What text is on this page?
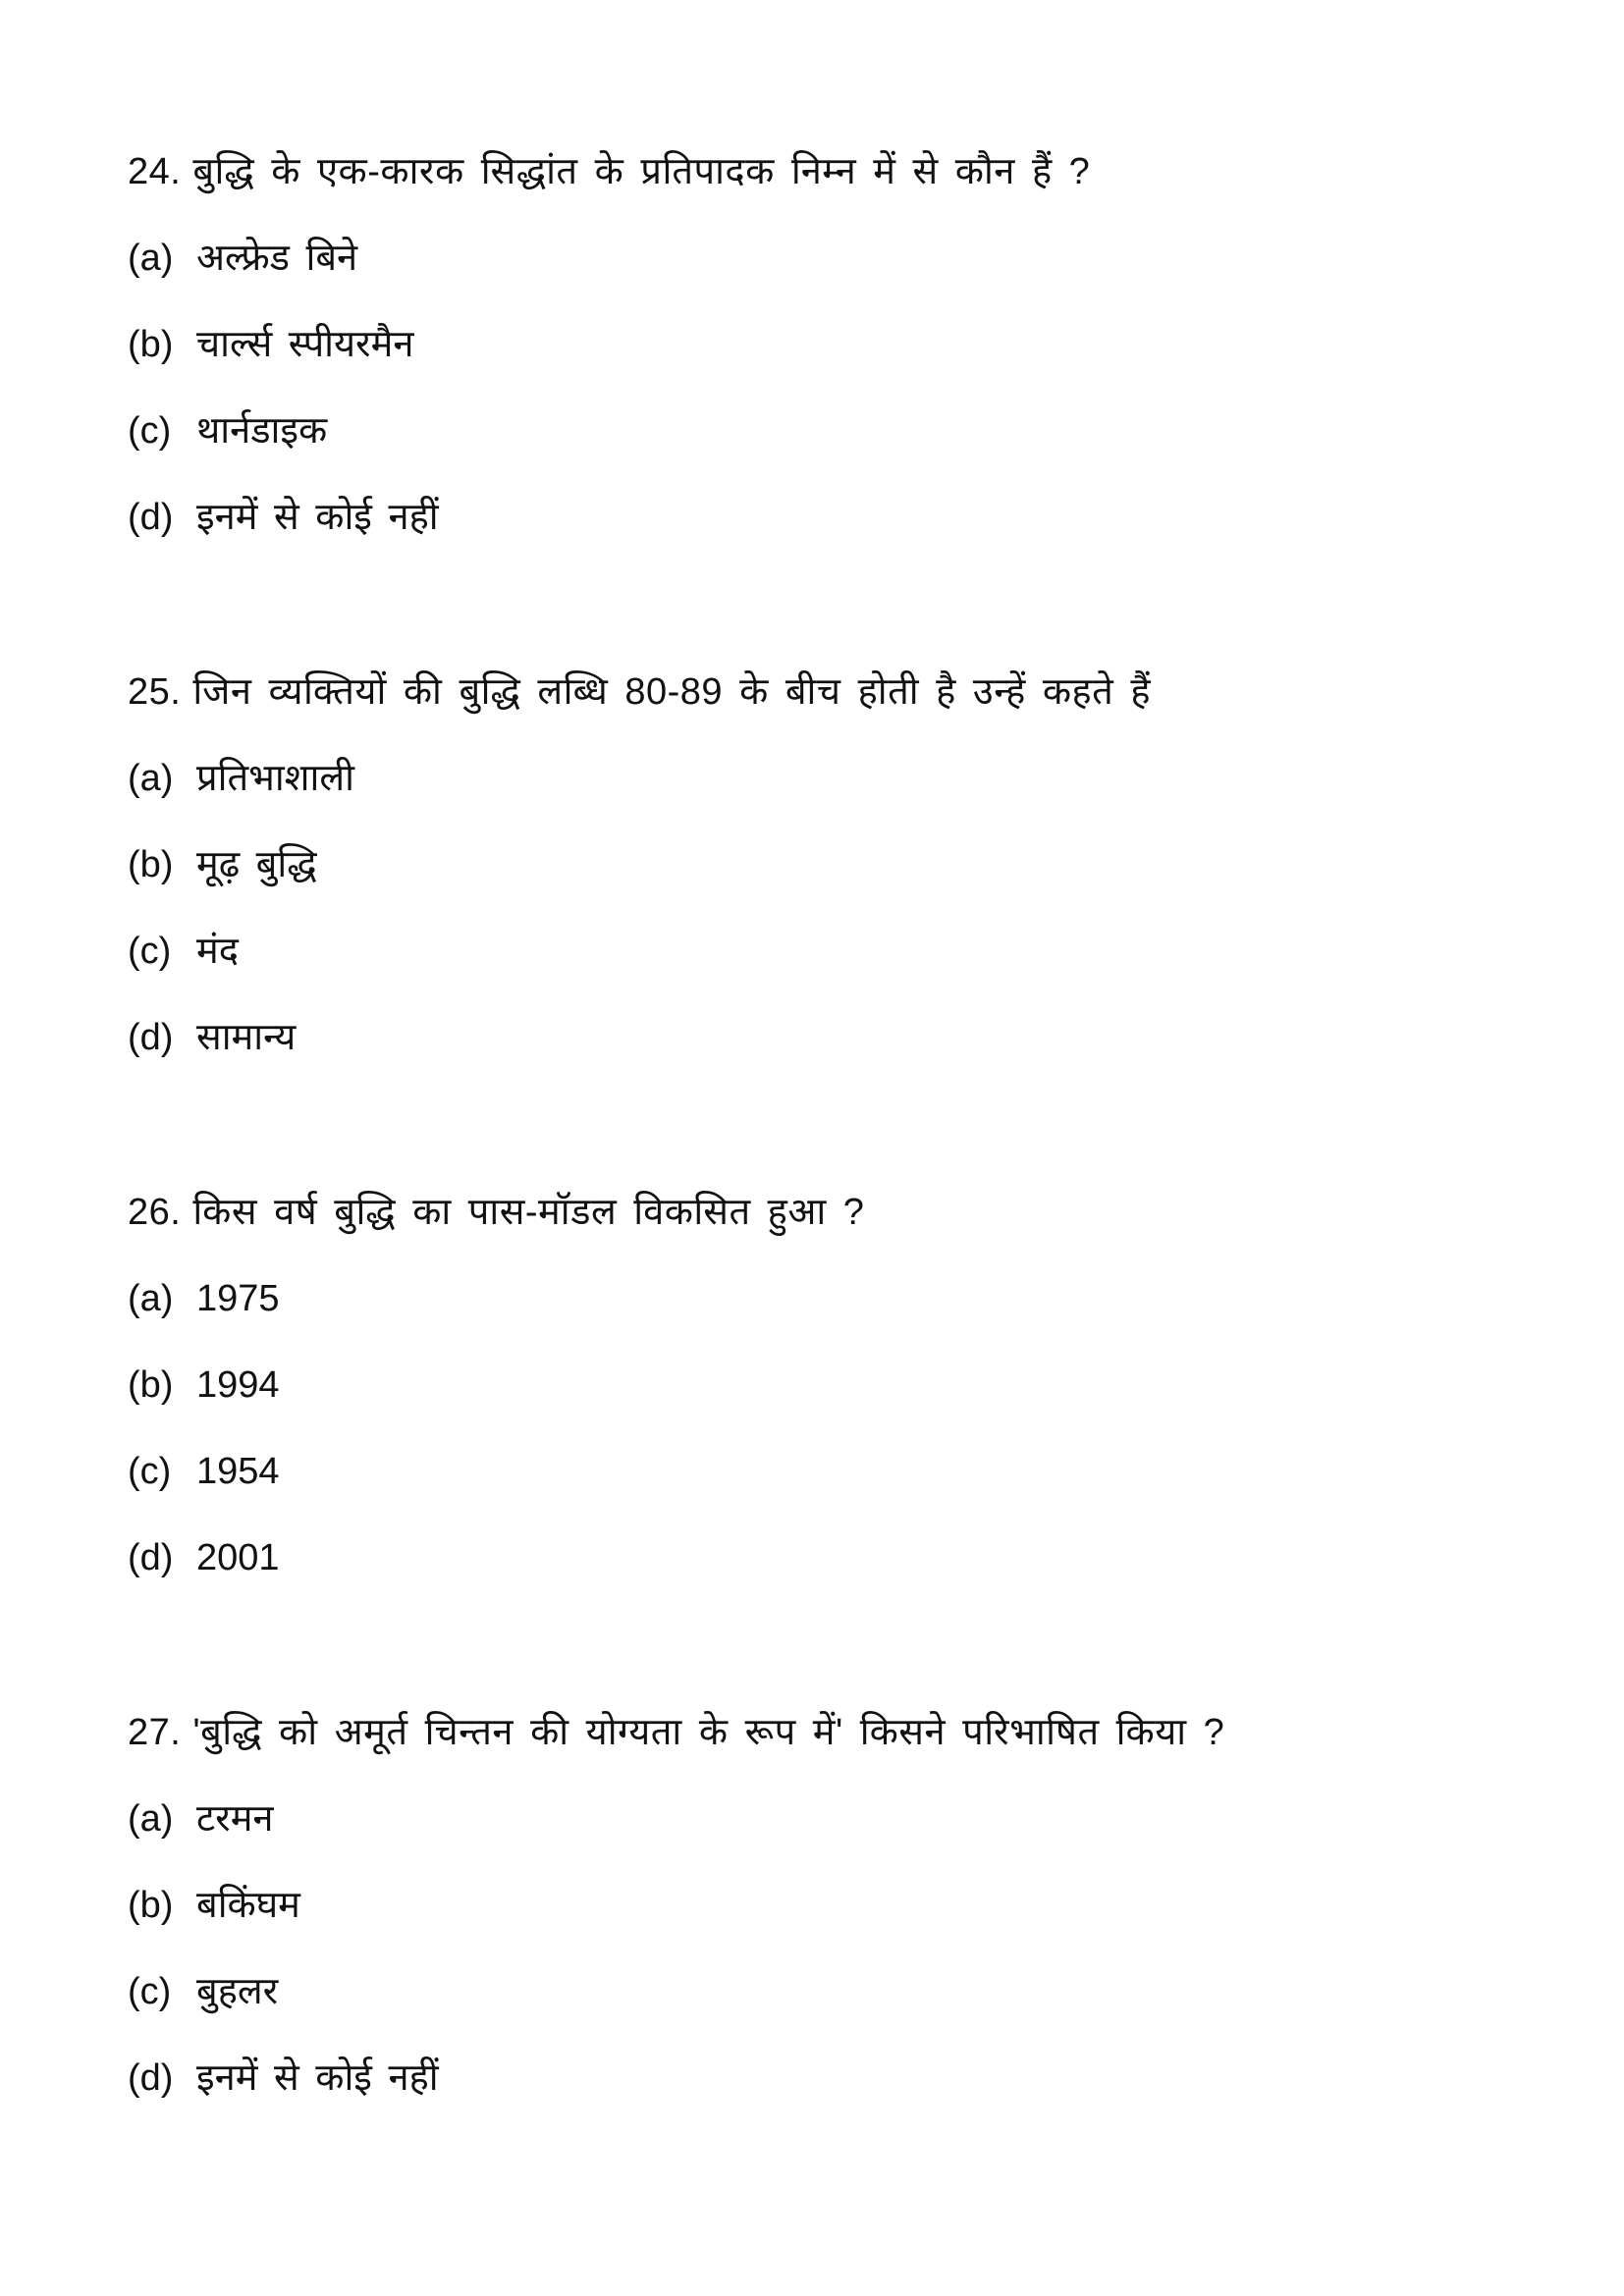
24. बुद्धि के एक-कारक सिद्धांत के प्रतिपादक निम्न में से कौन हैं ?
(a) अल्फ्रेड बिने
(b) चार्ल्स स्पीयरमैन
(c) थार्नडाइक
(d) इनमें से कोई नहीं
25. जिन व्यक्तियों की बुद्धि लब्धि 80-89 के बीच होती है उन्हें कहते हैं
(a) प्रतिभाशाली
(b) मूढ़ बुद्धि
(c) मंद
(d) सामान्य
26. किस वर्ष बुद्धि का पास-मॉडल विकसित हुआ ?
(a) 1975
(b) 1994
(c) 1954
(d) 2001
27. 'बुद्धि को अमूर्त चिन्तन की योग्यता के रूप में' किसने परिभाषित किया ?
(a) टरमन
(b) बकिंघम
(c) बुहलर
(d) इनमें से कोई नहीं
